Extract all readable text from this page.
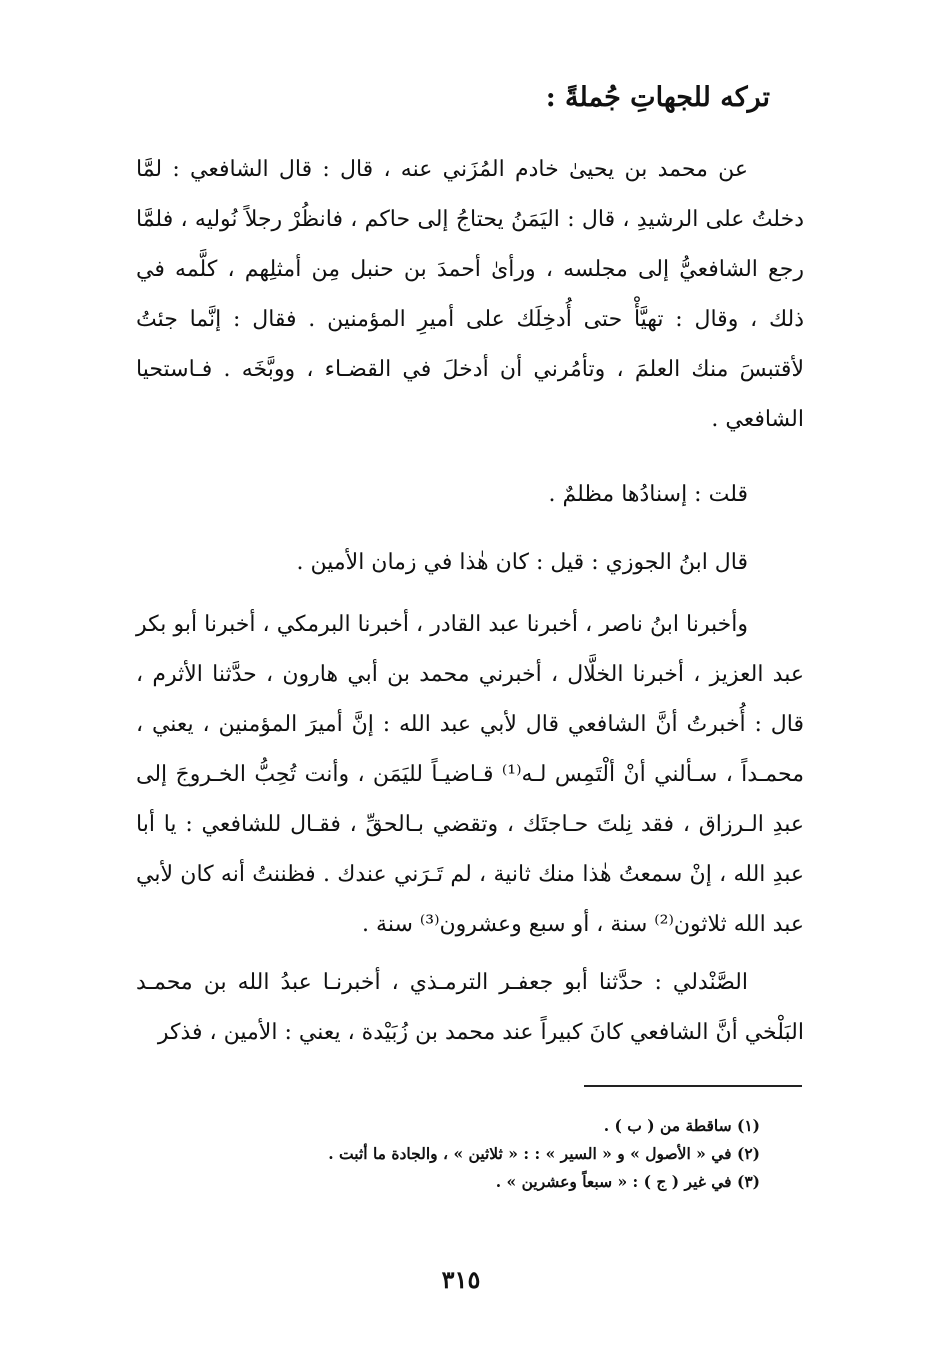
تركه للجهاتِ جُملةً :

عن محمد بن يحيىٰ خادم المُزَني عنه ، قال : قال الشافعي : لمَّا دخلتُ على الرشيدِ ، قال : اليَمَنُ يحتاجُ إلى حاكم ، فانظُرْ رجلاً نُوليه ، فلمَّا رجع الشافعيُّ إلى مجلسه ، ورأىٰ أحمدَ بن حنبل مِن أمثلِهم ، كلَّمه في ذلك ، وقال : تهيَّأْ حتى أُدخِلَك على أميرِ المؤمنين . فقال : إنَّما جئتُ لأقتبسَ منك العلمَ ، وتأمُرني أن أدخلَ في القضـاء ، ووبَّخَه . فـاستحيا الشافعي .

قلت : إسنادُها مظلمٌ .

قال ابنُ الجوزي : قيل : كان هٰذا في زمان الأمين .

وأخبرنا ابنُ ناصر ، أخبرنا عبد القادر ، أخبرنا البرمكي ، أخبرنا أبو بكر عبد العزيز ، أخبرنا الخلَّال ، أخبرني محمد بن أبي هارون ، حدَّثنا الأثرم ، قال : أُخبرتُ أنَّ الشافعي قال لأبي عبد الله : إنَّ أميرَ المؤمنين ، يعني ، محمـداً ، سـألني أنْ ألْتَمِس لـه⁽¹⁾ قـاضيـاً لليَمَن ، وأنت تُحِبُّ الخـروجَ إلى عبدِ الـرزاق ، فقد نِلتَ حـاجتَك ، وتقضي بـالحقِّ ، فقـال للشافعي : يا أبا عبدِ الله ، إنْ سمعتُ هٰذا منك ثانية ، لم تَـرَني عندك . فظننتُ أنه كان لأبي عبد الله ثلاثون⁽²⁾ سنة ، أو سبع وعشرون⁽³⁾ سنة .

الصَّنْدلي : حدَّثنا أبو جعفـر الترمـذي ، أخبرنـا عبدُ الله بن محمـد البَلْخي أنَّ الشافعي كانَ كبيراً عند محمد بن زُبَيْدة ، يعني : الأمين ، فذكر

(١) ساقطة من ( ب ) .

(٢) في « الأصول » و « السير » : : « ثلاثين » ، والجادة ما أثبت .

(٣) في غير ( ج ) : « سبعاً وعشرين » .

٣١٥
